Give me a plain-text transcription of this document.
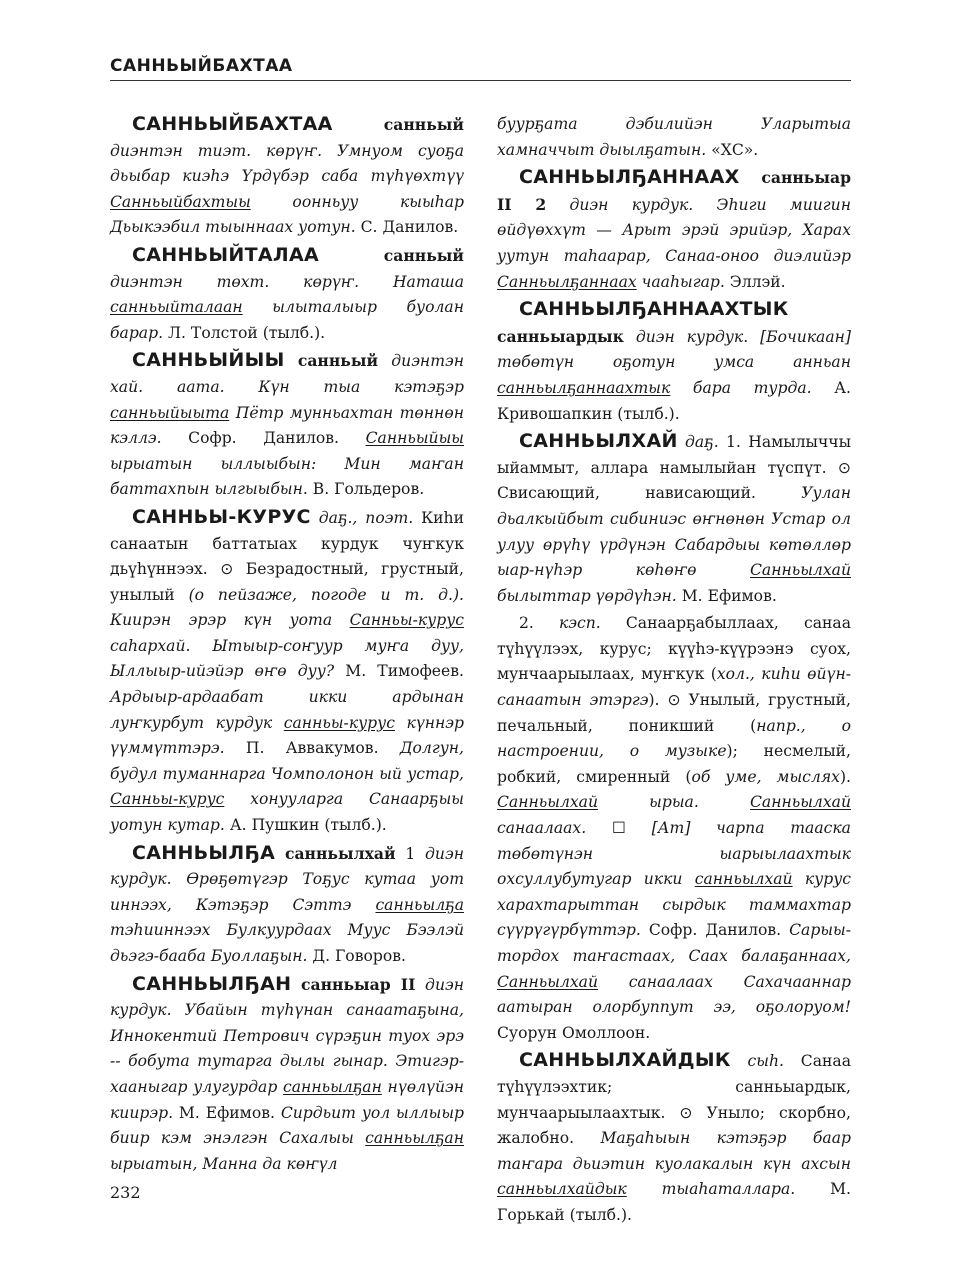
САННЬЫЙБАХТАА

САННЬЫЙБАХТАА	санньый диэнтэн тиэт. көрүҥ. Умнуом суоҕа дьыбар киэһэ Үрдүбэр саба түһүөхтүү Санньыйбахтыы оонньуу кыыһар Дьыкээбил тыыннаах уотун. С. Данилов.

САННЬЫЙТАЛАА	санньый диэнтэн төхт. көрүҥ. Наташа санньыйталаан ылыталыыр буолан барар. Л. Толстой (тылб.).

САННЬЫЙЫЫ санньый диэнтэн хай. аата. Күн тыа кэтэҕэр санньыйыыта Пётр мунньахтан төннөн кэллэ. Софр. Данилов. Санньыйыы ырыатын ыллыыбын: Мин маҥан баттахпын ылгыыбын. В. Гольдеров.

САННЬЫ-КУРУС даҕ., поэт. Киһи санаатын баттатыах курдук чуҥкук дьүһүннээх. ⊙ Безрадостный, грустный, унылый (о пейзаже, погоде и т. д.). Киирэн эрэр күн уота Санньы-курус саһархай. Ытыыр-соҥуур муҥа дуу, Ыллыыр-ийэйэр өҥө дуу? М. Тимофеев. Ардыыр-ардаабат икки ардынан луҥкурбут курдук санньы-курус күннэр үүммүттэрэ. П. Аввакумов. Долгун, будул туманнарга Чомполонон ый устар, Санньы-курус хонууларга Санаарҕыы уотун кутар. А. Пушкин (тылб.).

САННЬЫЛҔА санньылхай 1 диэн курдук. Өрөҕөтүгэр Тоҕус кутаа уот иннээх, Кэтэҕэр Сэттэ санньылҕа тэһииннээх Булкуурдаах Муус Бээлэй дьэгэ-бааба Буоллаҕын. Д. Говоров.

САННЬЫЛҔАН санньыар II диэн курдук. Убайын түһүнан санаатаҕына, Иннокентий Петрович сүрэҕин туох эрэ -- бобута тутарга дылы гынар. Этигэр-хааныгар улугурдар санньылҕан нүөлүйэн киирэр. М. Ефимов. Сирдьит уол ыллыыр биир кэм энэлгэн Сахалыы санньылҕан ырыатын, Манна да көҥүл

буурҕата дэбилийэн Уларытыа хамначчыт дыылҕатын. «ХС».

САННЬЫЛҔАННААХ санньыар II 2 диэн курдук. Эһиги миигин өйдүөххүт — Арыт эрэй эрийэр, Харах уутун таһаарар, Санаа-оноо диэлийэр Санньылҕаннаах чааһыгар. Эллэй.

САННЬЫЛҔАННААХТЫК санньыардык диэн курдук. [Бочикаан] төбөтүн оҕотун умса анньан санньылҕаннаахтык бара турда. А. Кривошапкин (тылб.).

САННЬЫЛХАЙ даҕ. 1. Намылыччы ыйаммыт, аллара намылыйан түспүт. ⊙ Свисающий, нависающий. Уулан дьалкыйбыт сибиниэс өҥнөнөн Устар ол улуу өрүһү үрдүнэн Сабардыы көтөллөр ыар-нүһэр көһөҥө Санньылхай былыттар үөрдүһэн. М. Ефимов.

2. кэсп. Санаарҕабыллаах, санаа түһүүлээх, курус; күүһэ-күүрээнэ суох, мунчаарыылаах, муҥкук (хол., киһи өйүн-санаатын этэргэ). ⊙ Унылый, грустный, печальный, поникший (напр., о настроении, о музыке); несмелый, робкий, смиренный (об уме, мыслях). Санньылхай ырыа. Санньылхай санаалаах. ☐ [Ат] чарпа тааска төбөтүнэн ыарыылаахтык охсуллубутугар икки санньылхай курус харахтарыттан сырдык таммахтар сүүрүгүрбүттэр. Софр. Данилов. Сарыы-тордох таҥастаах, Саах балаҕаннаах, Санньылхай санаалаах Сахачааннар аатыран олорбуппут ээ, оҕолоруом! Суорун Омоллоон.

САННЬЫЛХАЙДЫК сыһ. Санаа түһүүлээхтик; санньыардык, мунчаарыылаахтык. ⊙ Уныло; скорбно, жалобно. Маҕаһыын кэтэҕэр баар таҥара дьиэтин куолакалын күн ахсын санньылхайдык тыаһаталлара. М. Горькай (тылб.).

232
